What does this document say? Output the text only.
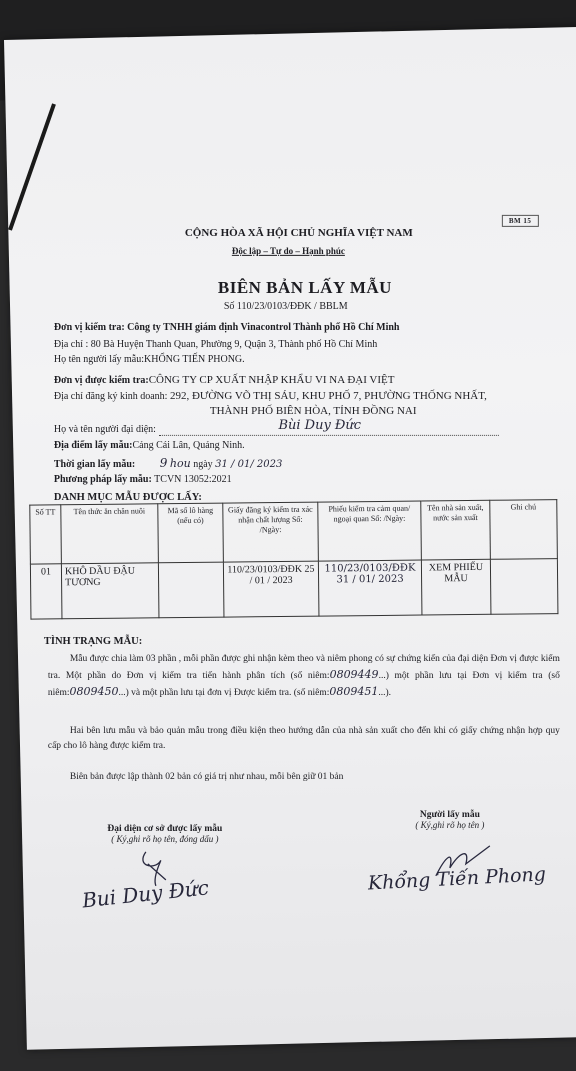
BM 15
CỘNG HÒA XÃ HỘI CHỦ NGHĨA VIỆT NAM
Độc lập – Tự do – Hạnh phúc
BIÊN BẢN LẤY MẪU
Số 110/23/0103/ĐĐK / BBLM
Đơn vị kiểm tra: Công ty TNHH giám định Vinacontrol Thành phố Hồ Chí Minh
Địa chỉ : 80 Bà Huyện Thanh Quan, Phường 9, Quận 3, Thành phố Hồ Chí Minh
Họ tên người lấy mẫu:KHỔNG TIẾN PHONG.
Đơn vị được kiểm tra:CÔNG TY CP XUẤT NHẬP KHẨU VI NA ĐẠI VIỆT
Địa chỉ đăng ký kinh doanh: 292, ĐƯỜNG VÕ THỊ SÁU, KHU PHỐ 7, PHƯỜNG THỐNG NHẤT,
THÀNH PHỐ BIÊN HÒA, TỈNH ĐỒNG NAI
Họ và tên người đại diện:	Bùi Duy Đức

Địa điểm lấy mẫu:Cảng Cái Lân, Quảng Ninh.
Thời gian lấy mẫu: 9 hou ngày 31 / 01/ 2023
Phương pháp lấy mẫu: TCVN 13052:2021
DANH MỤC MẪU ĐƯỢC LẤY:
Số TT	Tên thức ăn chăn nuôi	Mã số lô hàng (nếu có)	Giấy đăng ký kiểm tra xác nhận chất lượng Số: /Ngày:	Phiếu kiểm tra cảm quan/ ngoại quan Số: /Ngày:	Tên nhà sản xuất, nước sản xuất	Ghi chú
01	KHÔ DẦU ĐẬU TƯƠNG		110/23/0103/ĐĐK 25 / 01 / 2023	110/23/0103/ĐĐK 31 / 01/ 2023	XEM PHIẾU MẪU	
TÌNH TRẠNG MẪU:
Mẫu được chia làm 03 phần , mỗi phần được ghi nhận kèm theo và niêm phong có sự chứng kiến của đại diện Đơn vị được kiểm tra. Một phần do Đơn vị kiểm tra tiến hành phân tích (số niêm:0809449...) một phần lưu tại Đơn vị kiểm tra (số niêm:0809450...) và một phần lưu tại đơn vị Được kiểm tra. (số niêm:0809451...).
Hai bên lưu mẫu và bảo quản mẫu trong điều kiện theo hướng dẫn của nhà sản xuất cho đến khi có giấy chứng nhận hợp quy cấp cho lô hàng được kiểm tra.
Biên bản được lập thành 02 bản có giá trị như nhau, mỗi bên giữ 01 bản
Đại diện cơ sở được lấy mẫu
( Ký,ghi rõ họ tên, đóng dấu )
Bui Duy Đức
Người lấy mẫu
( Ký,ghi rõ họ tên )
Khổng Tiến Phong
